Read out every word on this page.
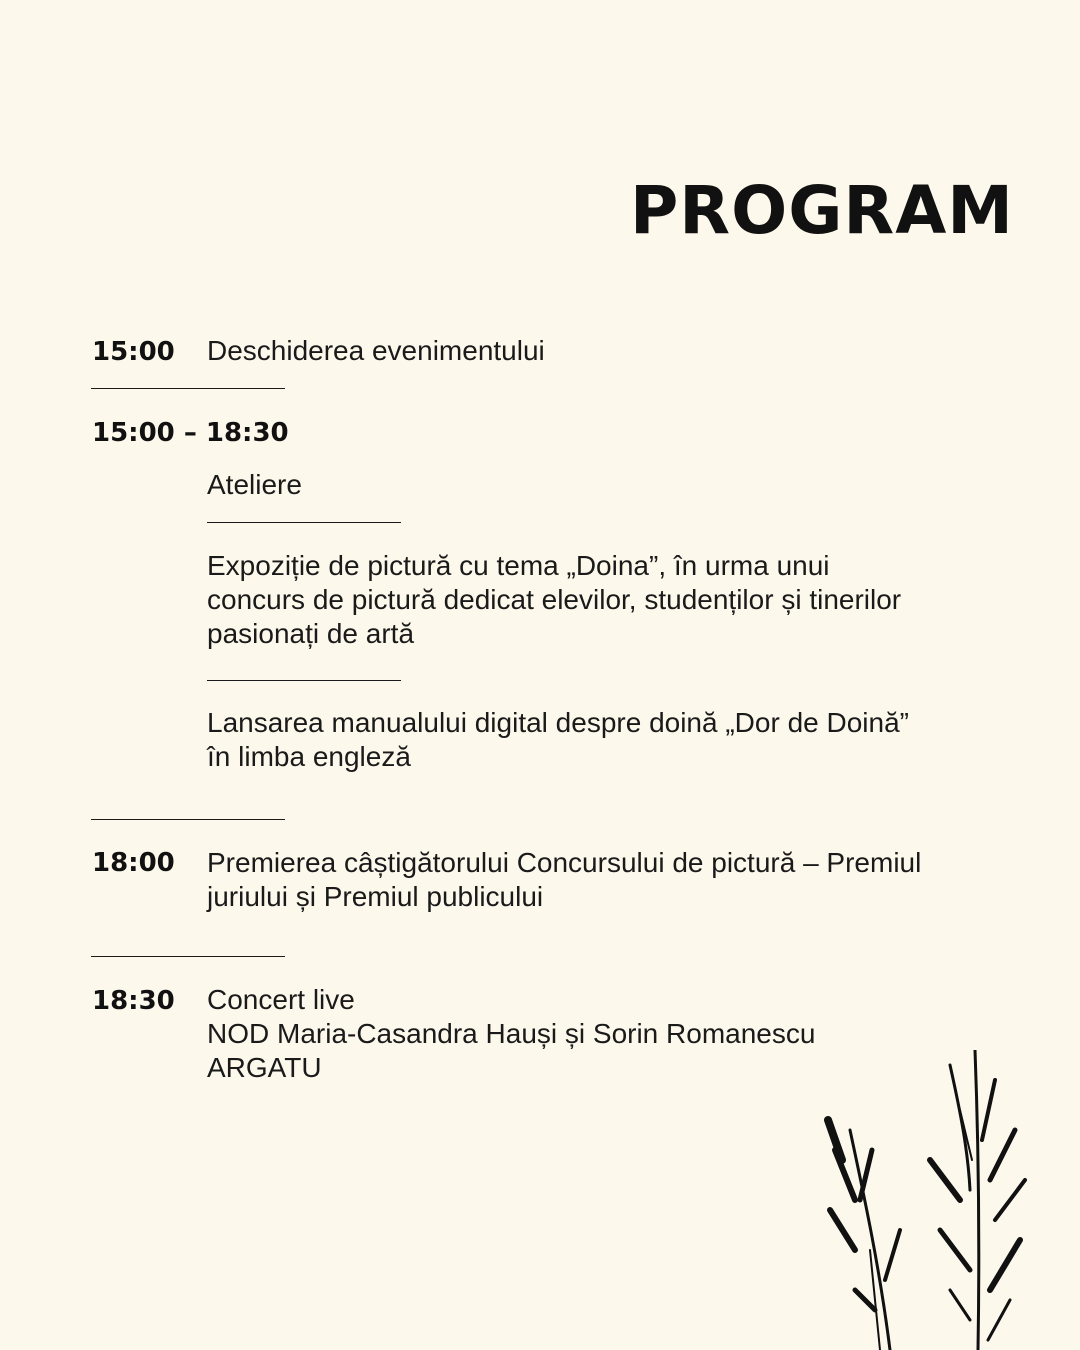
PROGRAM
15:00 Deschiderea evenimentului
15:00 – 18:30
Ateliere
Expoziție de pictură cu tema „Doina”, în urma unui
concurs de pictură dedicat elevilor, studenților și tinerilor
pasionați de artă
Lansarea manualului digital despre doină „Dor de Doină”
în limba engleză
18:00 Premierea câștigătorului Concursului de pictură – Premiul
juriului și Premiul publicului
18:30 Concert live
NOD Maria-Casandra Hauși și Sorin Romanescu
ARGATU
